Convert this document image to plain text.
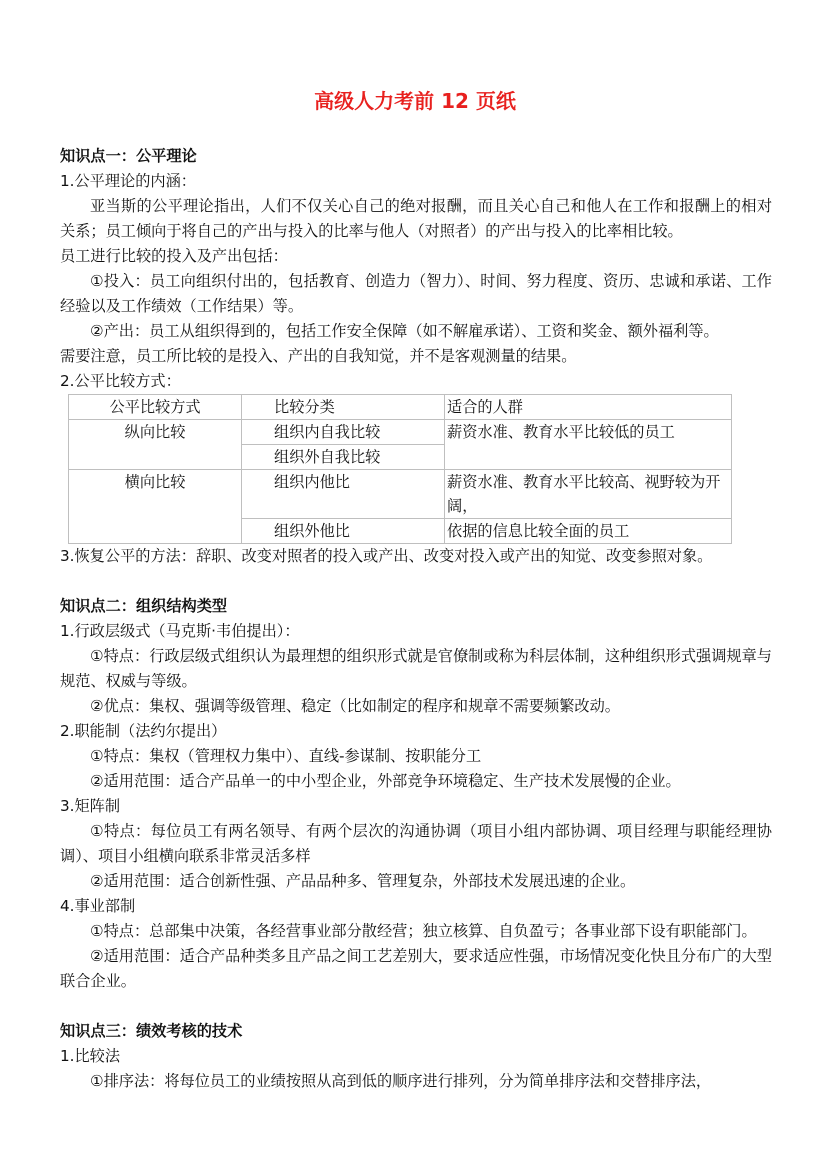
高级人力考前 12 页纸

知识点一：公平理论

1.公平理论的内涵：

亚当斯的公平理论指出，人们不仅关心自己的绝对报酬，而且关心自己和他人在工作和报酬上的相对关系；员工倾向于将自己的产出与投入的比率与他人（对照者）的产出与投入的比率相比较。

员工进行比较的投入及产出包括：

①投入：员工向组织付出的，包括教育、创造力（智力）、时间、努力程度、资历、忠诚和承诺、工作经验以及工作绩效（工作结果）等。

②产出：员工从组织得到的，包括工作安全保障（如不解雇承诺）、工资和奖金、额外福利等。

需要注意，员工所比较的是投入、产出的自我知觉，并不是客观测量的结果。

2.公平比较方式：

公平比较方式	比较分类	适合的人群
纵向比较	组织内自我比较	薪资水准、教育水平比较低的员工
	组织外自我比较	
横向比较	组织内他比	薪资水准、教育水平比较高、视野较为开阔，
	组织外他比	依据的信息比较全面的员工

3.恢复公平的方法：辞职、改变对照者的投入或产出、改变对投入或产出的知觉、改变参照对象。

知识点二：组织结构类型

1.行政层级式（马克斯·韦伯提出）：

①特点：行政层级式组织认为最理想的组织形式就是官僚制或称为科层体制，这种组织形式强调规章与规范、权威与等级。

②优点：集权、强调等级管理、稳定（比如制定的程序和规章不需要频繁改动。

2.职能制（法约尔提出）

①特点：集权（管理权力集中）、直线-参谋制、按职能分工

②适用范围：适合产品单一的中小型企业，外部竞争环境稳定、生产技术发展慢的企业。

3.矩阵制

①特点：每位员工有两名领导、有两个层次的沟通协调（项目小组内部协调、项目经理与职能经理协调）、项目小组横向联系非常灵活多样

②适用范围：适合创新性强、产品品种多、管理复杂，外部技术发展迅速的企业。

4.事业部制

①特点：总部集中决策，各经营事业部分散经营；独立核算、自负盈亏；各事业部下设有职能部门。

②适用范围：适合产品种类多且产品之间工艺差别大，要求适应性强，市场情况变化快且分布广的大型联合企业。

知识点三：绩效考核的技术

1.比较法

①排序法：将每位员工的业绩按照从高到低的顺序进行排列，分为简单排序法和交替排序法，
